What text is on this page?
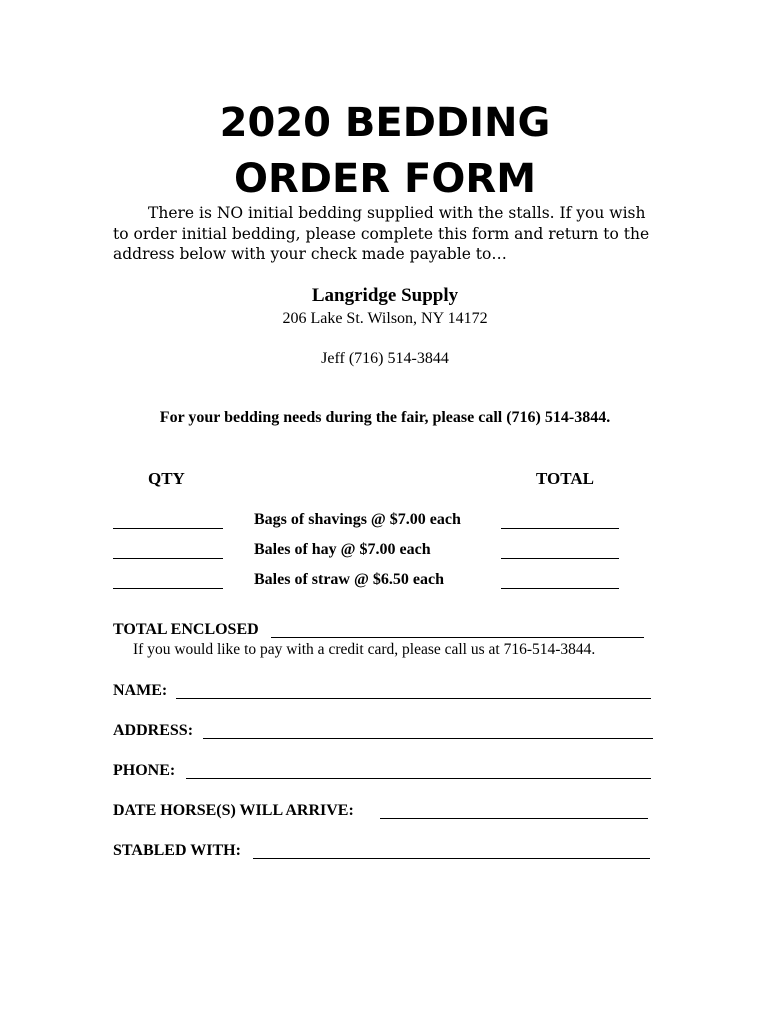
2020 BEDDING
ORDER FORM
There is NO initial bedding supplied with the stalls. If you wish to order initial bedding, please complete this form and return to the address below with your check made payable to…
Langridge Supply
206 Lake St. Wilson, NY 14172
Jeff (716) 514-3844
For your bedding needs during the fair, please call (716) 514-3844.
QTY	TOTAL
Bags of shavings @ $7.00 each
Bales of hay @ $7.00 each
Bales of straw @ $6.50 each
TOTAL ENCLOSED
If you would like to pay with a credit card, please call us at 716-514-3844.
NAME:
ADDRESS:
PHONE:
DATE HORSE(S) WILL ARRIVE:
STABLED WITH:
